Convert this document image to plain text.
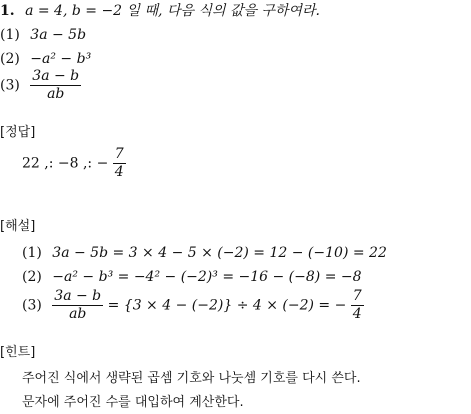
1. a = 4, b = −2 일 때, 다음 식의 값을 구하여라.
(1) 3a − 5b
(2) −a² − b³
$(3) \frac{3a - b}{ab}$
[정답]
22 ,: −8 ,: − $\frac{7}{4}$
[해설]
(1) 3a − 5b = 3 × 4 − 5 × (−2) = 12 − (−10) = 22
(2) −a² − b³ = −4² − (−2)³ = −16 − (−8) = −8
$(3) \frac{3a - b}{ab} = \{3 \times 4 - (-2)\} \div 4 \times (-2)$ = − $\frac{7}{4}$
[힌트]
주어진 식에서 생략된 곱셈 기호와 나눗셈 기호를 다시 쓴다.
문자에 주어진 수를 대입하여 계산한다.
